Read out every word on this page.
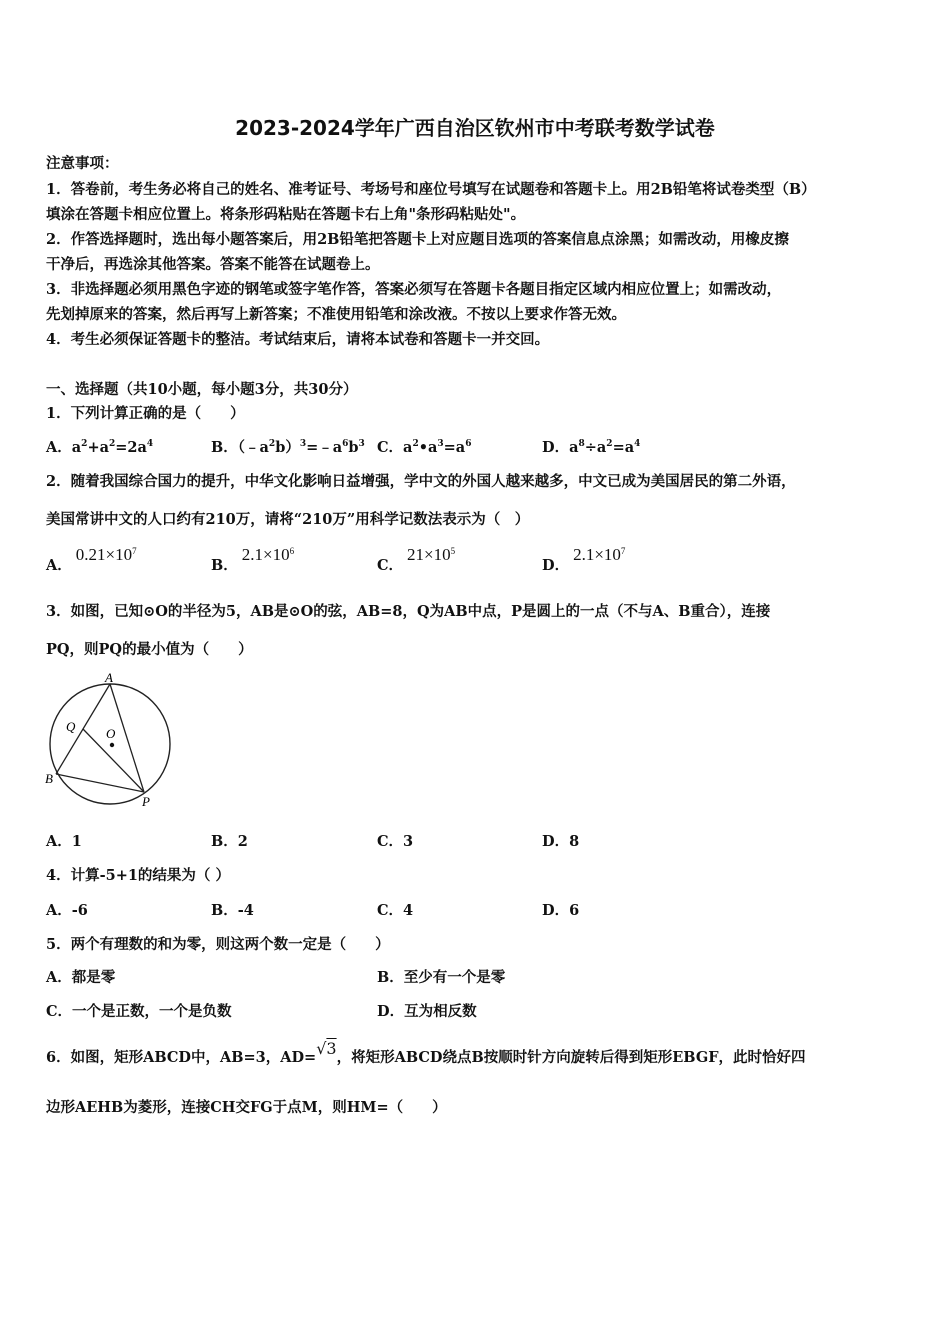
2023-2024学年广西自治区钦州市中考联考数学试卷
注意事项：
1．答卷前，考生务必将自己的姓名、准考证号、考场号和座位号填写在试题卷和答题卡上。用2B铅笔将试卷类型（B）
填涂在答题卡相应位置上。将条形码粘贴在答题卡右上角"条形码粘贴处"。
2．作答选择题时，选出每小题答案后，用2B铅笔把答题卡上对应题目选项的答案信息点涂黑；如需改动，用橡皮擦
干净后，再选涂其他答案。答案不能答在试题卷上。
3．非选择题必须用黑色字迹的钢笔或签字笔作答，答案必须写在答题卡各题目指定区域内相应位置上；如需改动，
先划掉原来的答案，然后再写上新答案；不准使用铅笔和涂改液。不按以上要求作答无效。
4．考生必须保证答题卡的整洁。考试结束后，请将本试卷和答题卡一并交回。
一、选择题（共10小题，每小题3分，共30分）
1．下列计算正确的是（　　）
A．$a^2+a^2=2a^4$	B．$(﹣a^2b)^3=﹣a^6b^3$ C．$a^2•a^3=a^6$	D．$a^8\div a^2=a^4$
2．随着我国综合国力的提升，中华文化影响日益增强，学中文的外国人越来越多，中文已成为美国居民的第二外语，
美国常讲中文的人口约有210万，请将“210万”用科学记数法表示为（　）
A．$0.21\times 10^7$
B．$2.1\times 10^6$
C．$21\times 10^5$
D．$2.1\times 10^7$
3．如图，已知⊙O的半径为5，AB是⊙O的弦，AB=8，Q为AB中点，P是圆上的一点（不与A、B重合），连接
PQ，则PQ的最小值为（　　）
A
Q O
B
P
A．1	B．2	C．3	D．8
4．计算-5+1的结果为（ ）
A．-6	B．-4	C．4	D．6
5．两个有理数的和为零，则这两个数一定是（　　）
A．都是零	B．至少有一个是零
C．一个是正数，一个是负数	D．互为相反数
6．如图，矩形ABCD中，AB=3，AD=√3，将矩形ABCD绕点B按顺时针方向旋转后得到矩形EBGF，此时恰好四
边形AEHB为菱形，连接CH交FG于点M，则HM=（　　）
